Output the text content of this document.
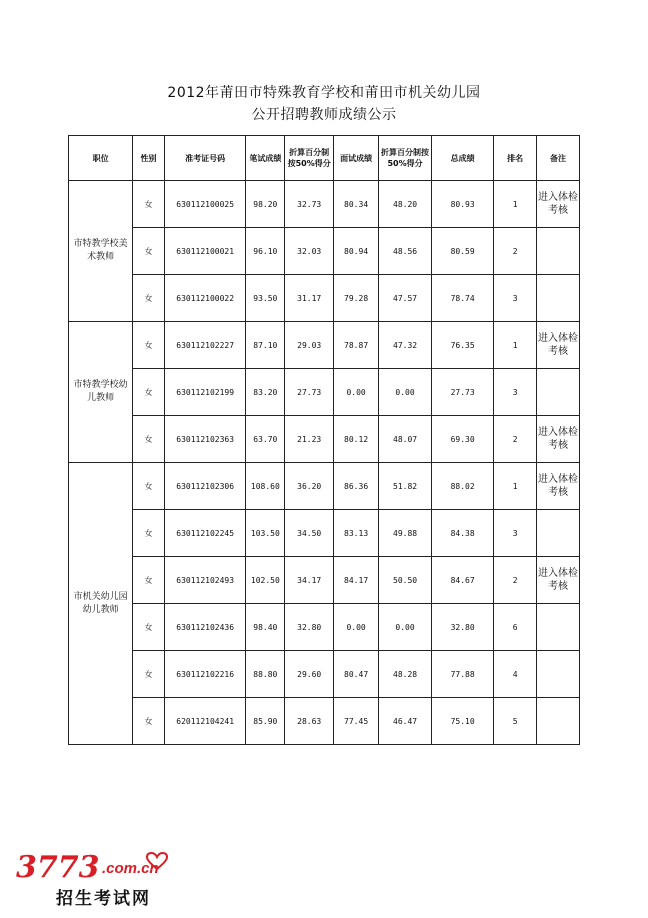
2012年莆田市特殊教育学校和莆田市机关幼儿园
公开招聘教师成绩公示
职位	性别	准考证号码	笔试成绩	折算百分制按50%得分	面试成绩	折算百分制按50%得分	总成绩	排名	备注
市特教学校美术教师	女	630112100025	98.20	32.73	80.34	48.20	80.93	1	进入体检考核
	女	630112100021	96.10	32.03	80.94	48.56	80.59	2	
	女	630112100022	93.50	31.17	79.28	47.57	78.74	3	
市特教学校幼儿教师	女	630112102227	87.10	29.03	78.87	47.32	76.35	1	进入体检考核
	女	630112102199	83.20	27.73	0.00	0.00	27.73	3	
	女	630112102363	63.70	21.23	80.12	48.07	69.30	2	进入体检考核
市机关幼儿园幼儿教师	女	630112102306	108.60	36.20	86.36	51.82	88.02	1	进入体检考核
	女	630112102245	103.50	34.50	83.13	49.88	84.38	3	
	女	630112102493	102.50	34.17	84.17	50.50	84.67	2	进入体检考核
	女	630112102436	98.40	32.80	0.00	0.00	32.80	6	
	女	630112102216	88.80	29.60	80.47	48.28	77.88	4	
	女	620112104241	85.90	28.63	77.45	46.47	75.10	5	
3773 .com.cn
招生考试网
